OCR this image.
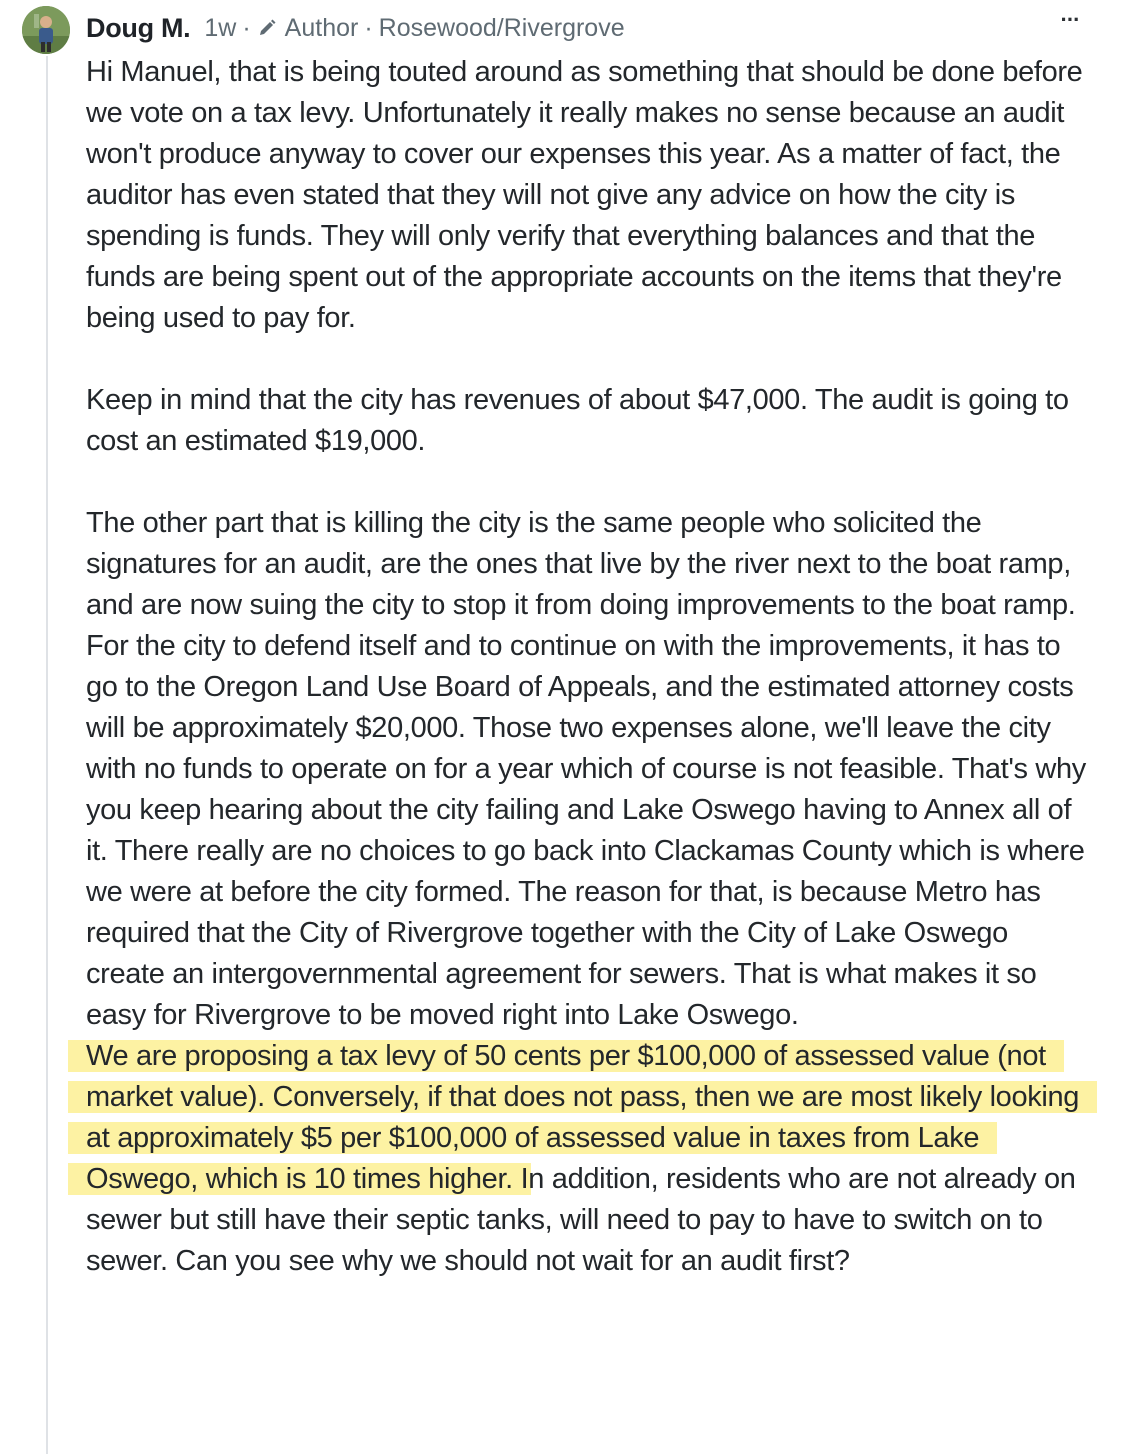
Doug M. 1w · Author · Rosewood/Rivergrove	···

Hi Manuel, that is being touted around as something that should be done before we vote on a tax levy. Unfortunately it really makes no sense because an audit won't produce anyway to cover our expenses this year. As a matter of fact, the auditor has even stated that they will not give any advice on how the city is spending is funds. They will only verify that everything balances and that the funds are being spent out of the appropriate accounts on the items that they're being used to pay for.

Keep in mind that the city has revenues of about $47,000. The audit is going to cost an estimated $19,000.

The other part that is killing the city is the same people who solicited the signatures for an audit, are the ones that live by the river next to the boat ramp, and are now suing the city to stop it from doing improvements to the boat ramp. For the city to defend itself and to continue on with the improvements, it has to go to the Oregon Land Use Board of Appeals, and the estimated attorney costs will be approximately $20,000. Those two expenses alone, we'll leave the city with no funds to operate on for a year which of course is not feasible. That's why you keep hearing about the city failing and Lake Oswego having to Annex all of it. There really are no choices to go back into Clackamas County which is where we were at before the city formed. The reason for that, is because Metro has required that the City of Rivergrove together with the City of Lake Oswego create an intergovernmental agreement for sewers. That is what makes it so easy for Rivergrove to be moved right into Lake Oswego.

We are proposing a tax levy of 50 cents per $100,000 of assessed value (not market value). Conversely, if that does not pass, then we are most likely looking at approximately $5 per $100,000 of assessed value in taxes from Lake Oswego, which is 10 times higher. In addition, residents who are not already on sewer but still have their septic tanks, will need to pay to have to switch on to sewer. Can you see why we should not wait for an audit first?
